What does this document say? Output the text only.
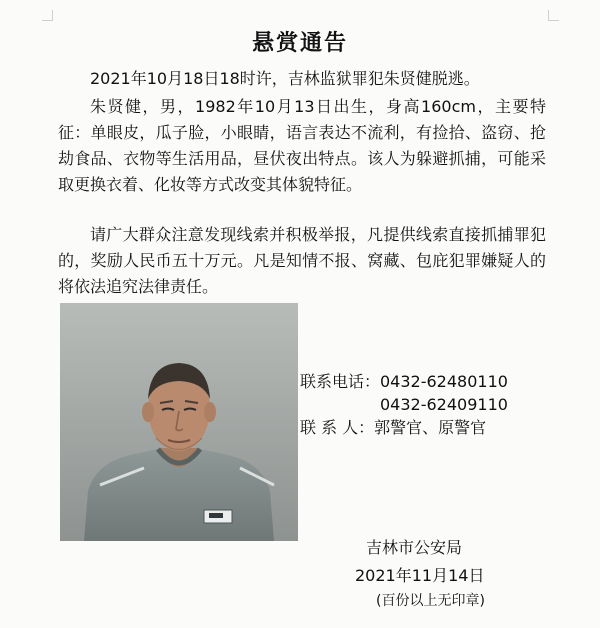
悬赏通告

2021年10月18日18时许，吉林监狱罪犯朱贤健脱逃。

朱贤健，男，1982年10月13日出生，身高160cm，主要特征：单眼皮，瓜子脸，小眼睛，语言表达不流利，有捡拾、盗窃、抢劫食品、衣物等生活用品，昼伏夜出特点。该人为躲避抓捕，可能采取更换衣着、化妆等方式改变其体貌特征。

请广大群众注意发现线索并积极举报，凡提供线索直接抓捕罪犯的，奖励人民币五十万元。凡是知情不报、窝藏、包庇犯罪嫌疑人的将依法追究法律责任。

联系电话：0432-62480110
0432-62409110
联 系 人：郭警官、原警官
吉林市公安局
2021年11月14日
(百份以上无印章)
